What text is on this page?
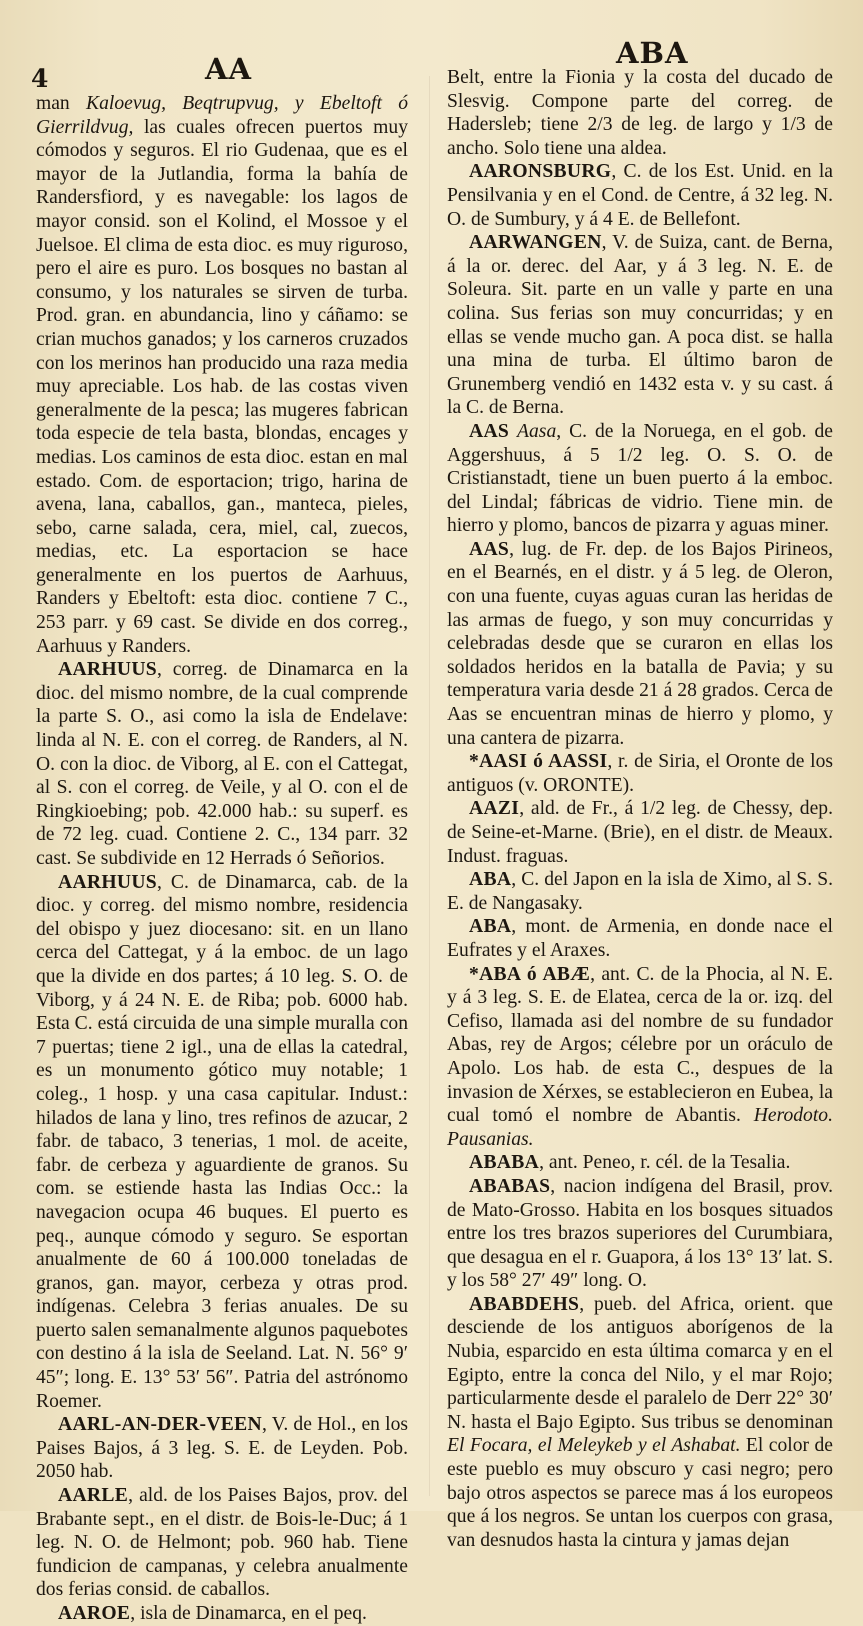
4	AA	ABA

man Kaloevug, Beqtrupvug, y Ebeltoft ó Gierrildvug, las cuales ofrecen puertos muy cómodos y seguros. El rio Gudenaa, que es el mayor de la Jutlandia, forma la bahía de Randersfiord, y es navegable: los lagos de mayor consid. son el Kolind, el Mossoe y el Juelsoe. El clima de esta dioc. es muy riguroso, pero el aire es puro. Los bosques no bastan al consumo, y los naturales se sirven de turba. Prod. gran. en abundancia, lino y cáñamo: se crian muchos ganados; y los carneros cruzados con los merinos han producido una raza media muy apreciable. Los hab. de las costas viven generalmente de la pesca; las mugeres fabrican toda especie de tela basta, blondas, encages y medias. Los caminos de esta dioc. estan en mal estado. Com. de esportacion; trigo, harina de avena, lana, caballos, gan., manteca, pieles, sebo, carne salada, cera, miel, cal, zuecos, medias, etc. La esportacion se hace generalmente en los puertos de Aarhuus, Randers y Ebeltoft: esta dioc. contiene 7 C., 253 parr. y 69 cast. Se divide en dos correg., Aarhuus y Randers.

AARHUUS, correg. de Dinamarca en la dioc. del mismo nombre, de la cual comprende la parte S. O., asi como la isla de Endelave: linda al N. E. con el correg. de Randers, al N. O. con la dioc. de Viborg, al E. con el Cattegat, al S. con el correg. de Veile, y al O. con el de Ringkioebing; pob. 42.000 hab.: su superf. es de 72 leg. cuad. Contiene 2. C., 134 parr. 32 cast. Se subdivide en 12 Herrads ó Señorios.

AARHUUS, C. de Dinamarca, cab. de la dioc. y correg. del mismo nombre, residencia del obispo y juez diocesano: sit. en un llano cerca del Cattegat, y á la emboc. de un lago que la divide en dos partes; á 10 leg. S. O. de Viborg, y á 24 N. E. de Riba; pob. 6000 hab. Esta C. está circuida de una simple muralla con 7 puertas; tiene 2 igl., una de ellas la catedral, es un monumento gótico muy notable; 1 coleg., 1 hosp. y una casa capitular. Indust.: hilados de lana y lino, tres refinos de azucar, 2 fabr. de tabaco, 3 tenerias, 1 mol. de aceite, fabr. de cerbeza y aguardiente de granos. Su com. se estiende hasta las Indias Occ.: la navegacion ocupa 46 buques. El puerto es peq., aunque cómodo y seguro. Se esportan anualmente de 60 á 100.000 toneladas de granos, gan. mayor, cerbeza y otras prod. indígenas. Celebra 3 ferias anuales. De su puerto salen semanalmente algunos paquebotes con destino á la isla de Seeland. Lat. N. 56° 9′ 45″; long. E. 13° 53′ 56″. Patria del astrónomo Roemer.

AARL-AN-DER-VEEN, V. de Hol., en los Paises Bajos, á 3 leg. S. E. de Leyden. Pob. 2050 hab.

AARLE, ald. de los Paises Bajos, prov. del Brabante sept., en el distr. de Bois-le-Duc; á 1 leg. N. O. de Helmont; pob. 960 hab. Tiene fundicion de campanas, y celebra anualmente dos ferias consid. de caballos.

AAROE, isla de Dinamarca, en el peq.

Belt, entre la Fionia y la costa del ducado de Slesvig. Compone parte del correg. de Hadersleb; tiene 2/3 de leg. de largo y 1/3 de ancho. Solo tiene una aldea.

AARONSBURG, C. de los Est. Unid. en la Pensilvania y en el Cond. de Centre, á 32 leg. N. O. de Sumbury, y á 4 E. de Bellefont.

AARWANGEN, V. de Suiza, cant. de Berna, á la or. derec. del Aar, y á 3 leg. N. E. de Soleura. Sit. parte en un valle y parte en una colina. Sus ferias son muy concurridas; y en ellas se vende mucho gan. A poca dist. se halla una mina de turba. El último baron de Grunemberg vendió en 1432 esta v. y su cast. á la C. de Berna.

AAS Aasa, C. de la Noruega, en el gob. de Aggershuus, á 5 1/2 leg. O. S. O. de Cristianstadt, tiene un buen puerto á la emboc. del Lindal; fábricas de vidrio. Tiene min. de hierro y plomo, bancos de pizarra y aguas miner.

AAS, lug. de Fr. dep. de los Bajos Pirineos, en el Bearnés, en el distr. y á 5 leg. de Oleron, con una fuente, cuyas aguas curan las heridas de las armas de fuego, y son muy concurridas y celebradas desde que se curaron en ellas los soldados heridos en la batalla de Pavia; y su temperatura varia desde 21 á 28 grados. Cerca de Aas se encuentran minas de hierro y plomo, y una cantera de pizarra.

*AASI ó AASSI, r. de Siria, el Oronte de los antiguos (v. ORONTE).

AAZI, ald. de Fr., á 1/2 leg. de Chessy, dep. de Seine-et-Marne. (Brie), en el distr. de Meaux. Indust. fraguas.

ABA, C. del Japon en la isla de Ximo, al S. S. E. de Nangasaky.

ABA, mont. de Armenia, en donde nace el Eufrates y el Araxes.

*ABA ó ABÆ, ant. C. de la Phocia, al N. E. y á 3 leg. S. E. de Elatea, cerca de la or. izq. del Cefiso, llamada asi del nombre de su fundador Abas, rey de Argos; célebre por un oráculo de Apolo. Los hab. de esta C., despues de la invasion de Xérxes, se establecieron en Eubea, la cual tomó el nombre de Abantis. Herodoto. Pausanias.

ABABA, ant. Peneo, r. cél. de la Tesalia.

ABABAS, nacion indígena del Brasil, prov. de Mato-Grosso. Habita en los bosques situados entre los tres brazos superiores del Curumbiara, que desagua en el r. Guapora, á los 13° 13′ lat. S. y los 58° 27′ 49″ long. O.

ABABDEHS, pueb. del Africa, orient. que desciende de los antiguos aborígenos de la Nubia, esparcido en esta última comarca y en el Egipto, entre la conca del Nilo, y el mar Rojo; particularmente desde el paralelo de Derr 22° 30′ N. hasta el Bajo Egipto. Sus tribus se denominan El Focara, el Meleykeb y el Ashabat. El color de este pueblo es muy obscuro y casi negro; pero bajo otros aspectos se parece mas á los europeos que á los negros. Se untan los cuerpos con grasa, van desnudos hasta la cintura y jamas dejan
